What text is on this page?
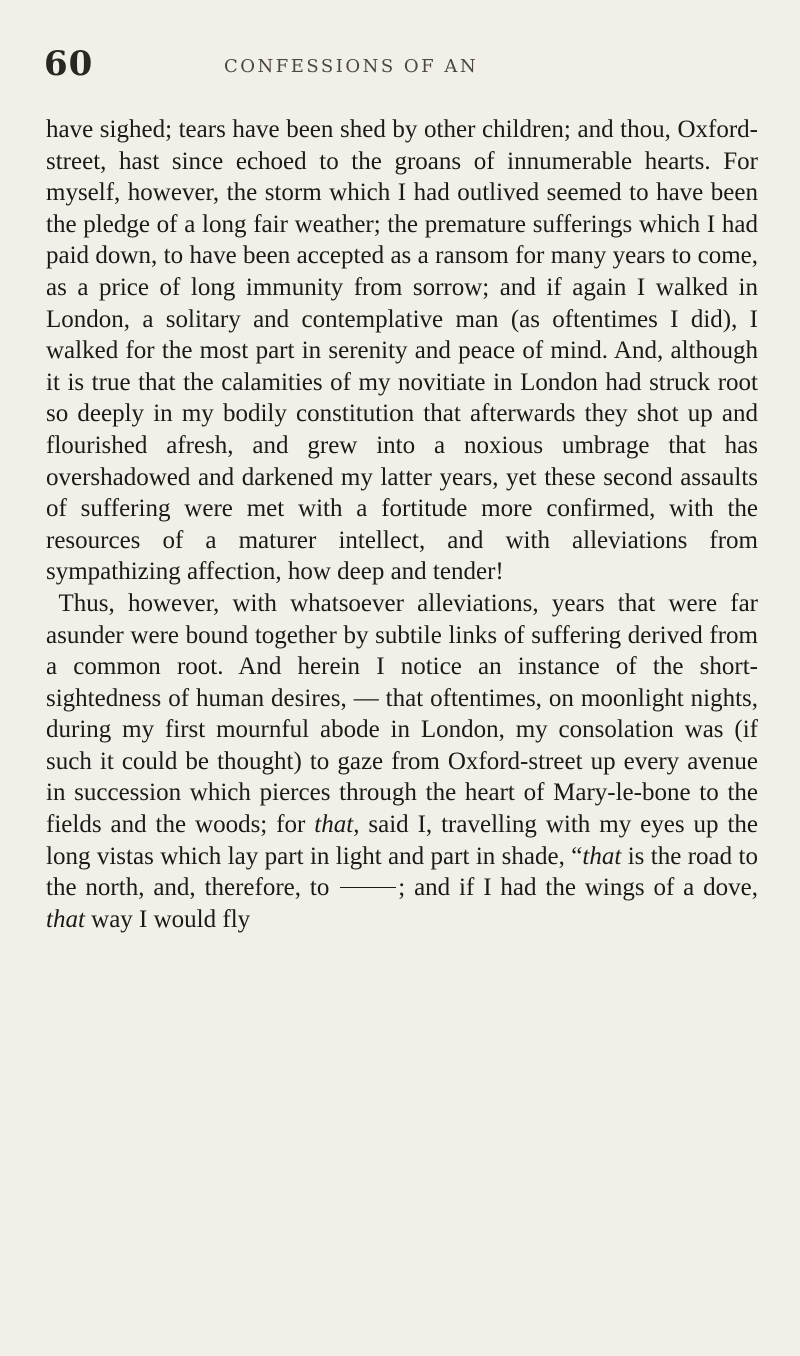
60	CONFESSIONS OF AN

have sighed; tears have been shed by other children; and thou, Oxford-street, hast since echoed to the groans of innumerable hearts. For myself, however, the storm which I had outlived seemed to have been the pledge of a long fair weather; the premature sufferings which I had paid down, to have been accepted as a ransom for many years to come, as a price of long immunity from sorrow; and if again I walked in London, a solitary and contemplative man (as oftentimes I did), I walked for the most part in serenity and peace of mind. And, although it is true that the calamities of my novitiate in London had struck root so deeply in my bodily constitution that afterwards they shot up and flourished afresh, and grew into a noxious umbrage that has overshadowed and darkened my latter years, yet these second assaults of suffering were met with a fortitude more confirmed, with the resources of a maturer intellect, and with alleviations from sympathizing affection, how deep and tender!

 Thus, however, with whatsoever alleviations, years that were far asunder were bound together by subtile links of suffering derived from a common root. And herein I notice an instance of the short-sightedness of human desires, — that oftentimes, on moonlight nights, during my first mournful abode in London, my consolation was (if such it could be thought) to gaze from Oxford-street up every avenue in succession which pierces through the heart of Mary-le-bone to the fields and the woods; for that, said I, travelling with my eyes up the long vistas which lay part in light and part in shade, “that is the road to the north, and, therefore, to ; and if I had the wings of a dove, that way I would fly
